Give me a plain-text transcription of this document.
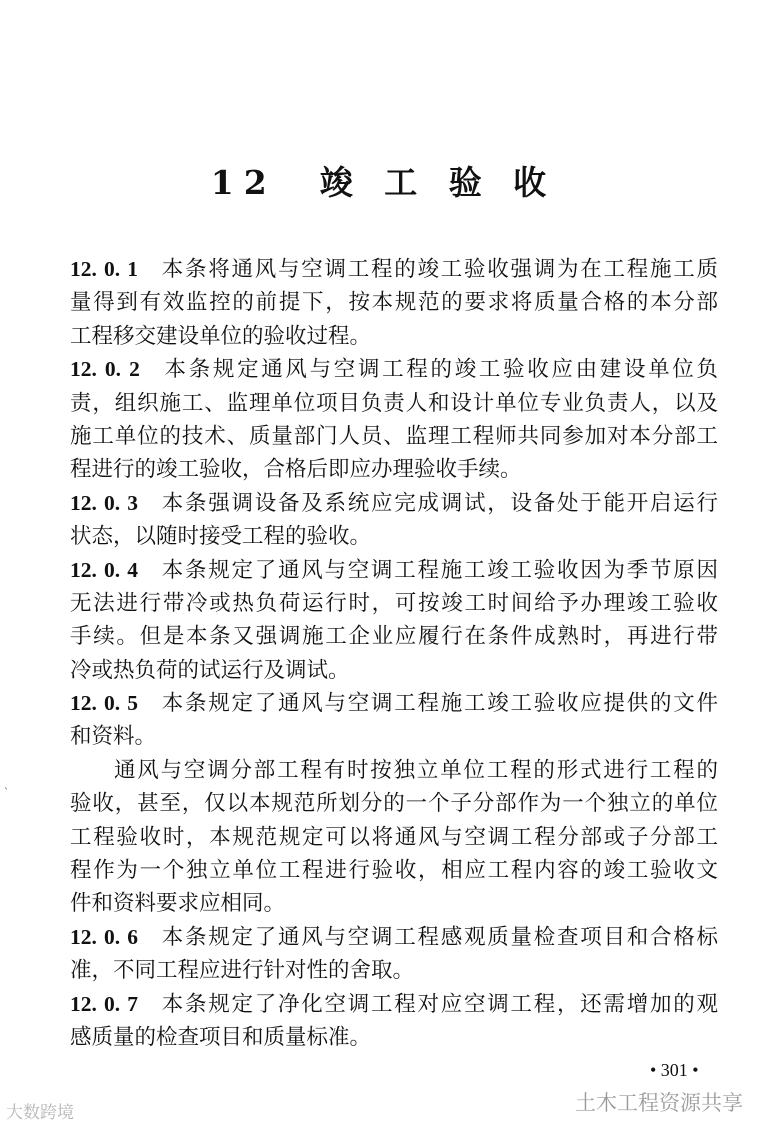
12　竣 工 验 收
12. 0. 1 本条将通风与空调工程的竣工验收强调为在工程施工质
量得到有效监控的前提下，按本规范的要求将质量合格的本分部
工程移交建设单位的验收过程。
12. 0. 2 本条规定通风与空调工程的竣工验收应由建设单位负
责，组织施工、监理单位项目负责人和设计单位专业负责人，以及
施工单位的技术、质量部门人员、监理工程师共同参加对本分部工
程进行的竣工验收，合格后即应办理验收手续。
12. 0. 3 本条强调设备及系统应完成调试，设备处于能开启运行
状态，以随时接受工程的验收。
12. 0. 4 本条规定了通风与空调工程施工竣工验收因为季节原因
无法进行带冷或热负荷运行时，可按竣工时间给予办理竣工验收
手续。但是本条又强调施工企业应履行在条件成熟时，再进行带
冷或热负荷的试运行及调试。
12. 0. 5 本条规定了通风与空调工程施工竣工验收应提供的文件
和资料。
通风与空调分部工程有时按独立单位工程的形式进行工程的
验收，甚至，仅以本规范所划分的一个子分部作为一个独立的单位
工程验收时，本规范规定可以将通风与空调工程分部或子分部工
程作为一个独立单位工程进行验收，相应工程内容的竣工验收文
件和资料要求应相同。
12. 0. 6 本条规定了通风与空调工程感观质量检查项目和合格标
准，不同工程应进行针对性的舍取。
12. 0. 7 本条规定了净化空调工程对应空调工程，还需增加的观
感质量的检查项目和质量标准。
ˋ
• 301 •
土木工程资源共享
大数跨境
